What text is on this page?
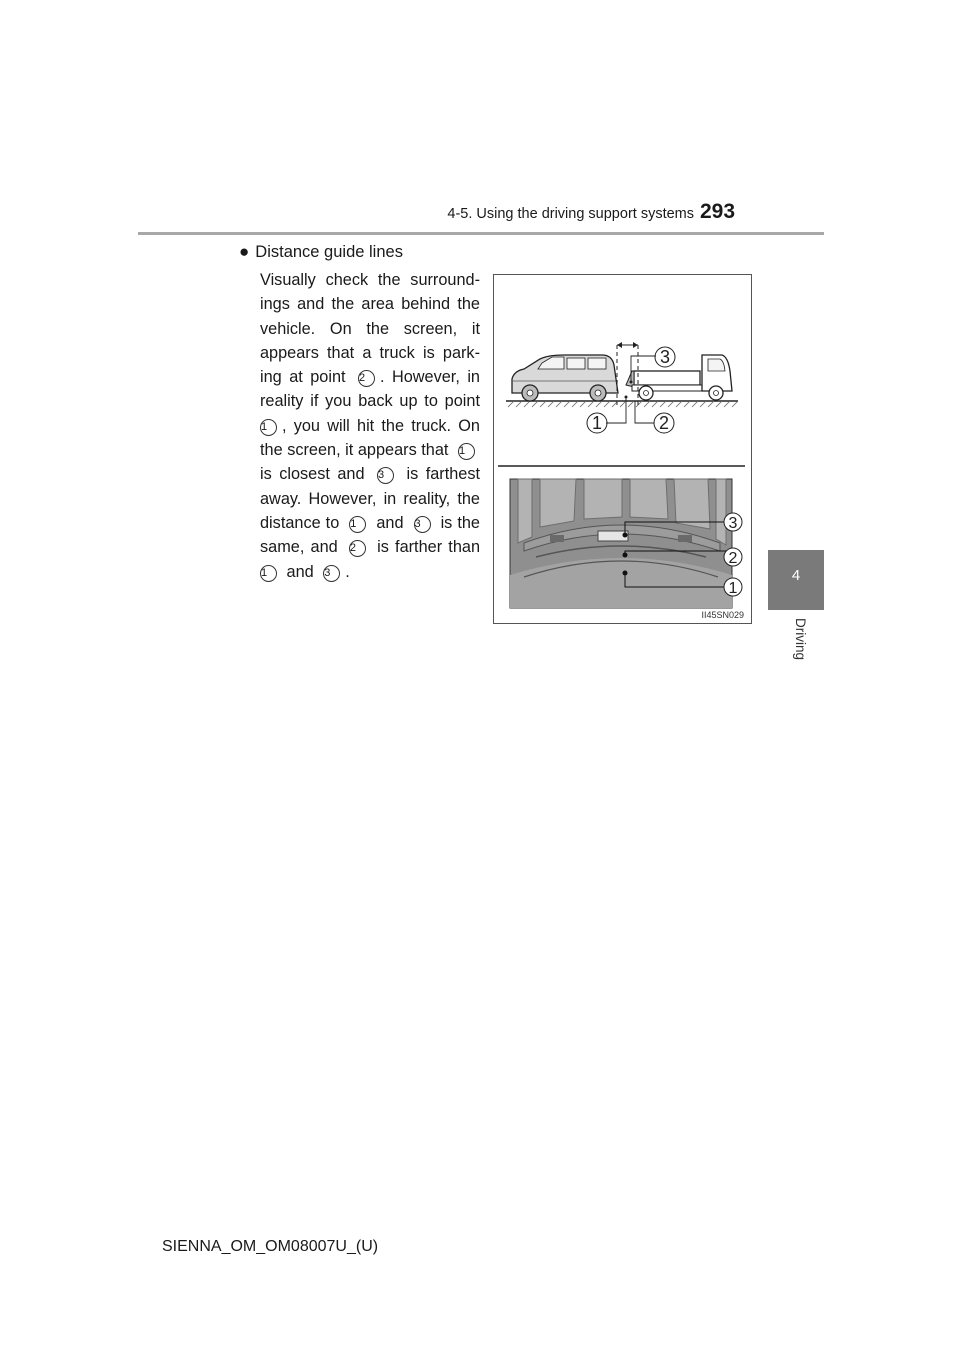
4-5. Using the driving support systems 293
4
Driving
● Distance guide lines
Visually check the surround-
ings and the area behind the
vehicle. On the screen, it
appears that a truck is park-
ing at point 2 . However, in
reality if you back up to point
1 , you will hit the truck. On
the screen, it appears that 1
is closest and 3 is farthest
away. However, in reality, the
distance to 1 and 3 is the
same, and 2 is farther than
1 and 3 .
3
1	2
3
2
1
II45SN029
SIENNA_OM_OM08007U_(U)
